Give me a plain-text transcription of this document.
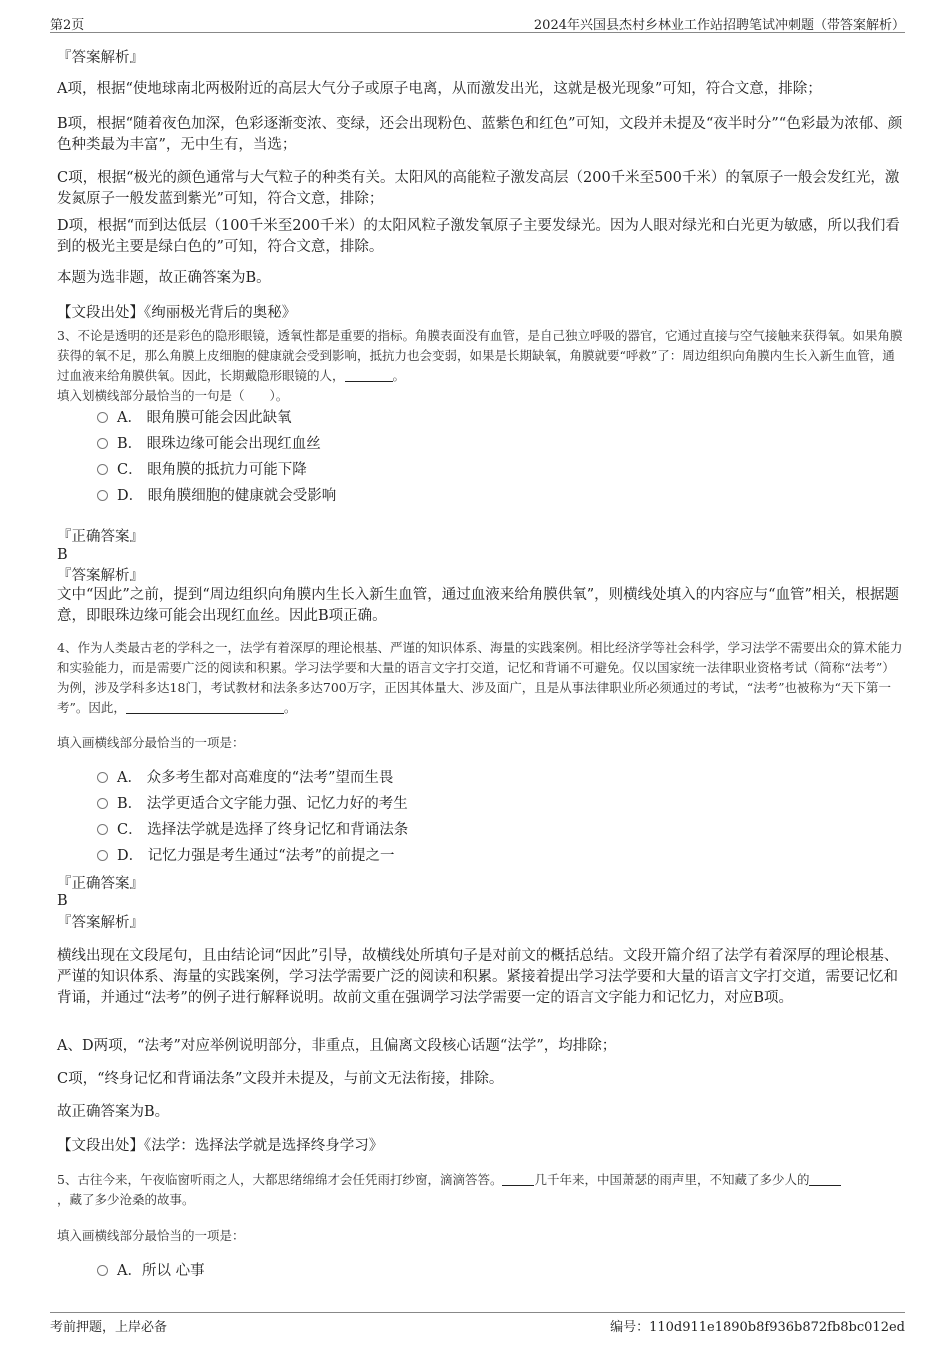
第2页	2024年兴国县杰村乡林业工作站招聘笔试冲刺题（带答案解析）

『答案解析』

A项，根据“使地球南北两极附近的高层大气分子或原子电离，从而激发出光，这就是极光现象”可知，符合文意，排除；

B项，根据“随着夜色加深，色彩逐渐变浓、变绿，还会出现粉色、蓝紫色和红色”可知，文段并未提及“夜半时分”“色彩最为浓郁、颜色种类最为丰富”，无中生有，当选；

C项，根据“极光的颜色通常与大气粒子的种类有关。太阳风的高能粒子激发高层（200千米至500千米）的氧原子一般会发红光，激发氮原子一般发蓝到紫光”可知，符合文意，排除；

D项，根据“而到达低层（100千米至200千米）的太阳风粒子激发氧原子主要发绿光。因为人眼对绿光和白光更为敏感，所以我们看到的极光主要是绿白色的”可知，符合文意，排除。

本题为选非题，故正确答案为B。

【文段出处】《绚丽极光背后的奥秘》

3、不论是透明的还是彩色的隐形眼镜，透氧性都是重要的指标。角膜表面没有血管，是自己独立呼吸的器官，它通过直接与空气接触来获得氧。如果角膜获得的氧不足，那么角膜上皮细胞的健康就会受到影响，抵抗力也会变弱，如果是长期缺氧，角膜就要“呼救”了：周边组织向角膜内生长入新生血管，通过血液来给角膜供氧。因此，长期戴隐形眼镜的人，	。

填入划横线部分最恰当的一句是（　　）。

A． 眼角膜可能会因此缺氧
B． 眼珠边缘可能会出现红血丝
C． 眼角膜的抵抗力可能下降
D． 眼角膜细胞的健康就会受影响

『正确答案』

B

『答案解析』

文中“因此”之前，提到“周边组织向角膜内生长入新生血管，通过血液来给角膜供氧”，则横线处填入的内容应与“血管”相关，根据题意，即眼珠边缘可能会出现红血丝。因此B项正确。

4、作为人类最古老的学科之一，法学有着深厚的理论根基、严谨的知识体系、海量的实践案例。相比经济学等社会科学，学习法学不需要出众的算术能力和实验能力，而是需要广泛的阅读和积累。学习法学要和大量的语言文字打交道，记忆和背诵不可避免。仅以国家统一法律职业资格考试（简称“法考”）为例，涉及学科多达18门，考试教材和法条多达700万字，正因其体量大、涉及面广，且是从事法律职业所必须通过的考试，“法考”也被称为“天下第一考”。因此，	。

填入画横线部分最恰当的一项是：

A． 众多考生都对高难度的“法考”望而生畏
B． 法学更适合文字能力强、记忆力好的考生
C． 选择法学就是选择了终身记忆和背诵法条
D． 记忆力强是考生通过“法考”的前提之一

『正确答案』

B

『答案解析』

横线出现在文段尾句，且由结论词“因此”引导，故横线处所填句子是对前文的概括总结。文段开篇介绍了法学有着深厚的理论根基、严谨的知识体系、海量的实践案例，学习法学需要广泛的阅读和积累。紧接着提出学习法学要和大量的语言文字打交道，需要记忆和背诵，并通过“法考”的例子进行解释说明。故前文重在强调学习法学需要一定的语言文字能力和记忆力，对应B项。

A、D两项，“法考”对应举例说明部分，非重点，且偏离文段核心话题“法学”，均排除；

C项，“终身记忆和背诵法条”文段并未提及，与前文无法衔接，排除。

故正确答案为B。

【文段出处】《法学：选择法学就是选择终身学习》

5、古往今来，午夜临窗听雨之人，大都思绪绵绵才会任凭雨打纱窗，滴滴答答。	几千年来，中国萧瑟的雨声里，不知藏了多少人的，藏了多少沧桑的故事。

填入画横线部分最恰当的一项是：

A．所以 心事
考前押题，上岸必备	编号：110d911e1890b8f936b872fb8bc012ed
